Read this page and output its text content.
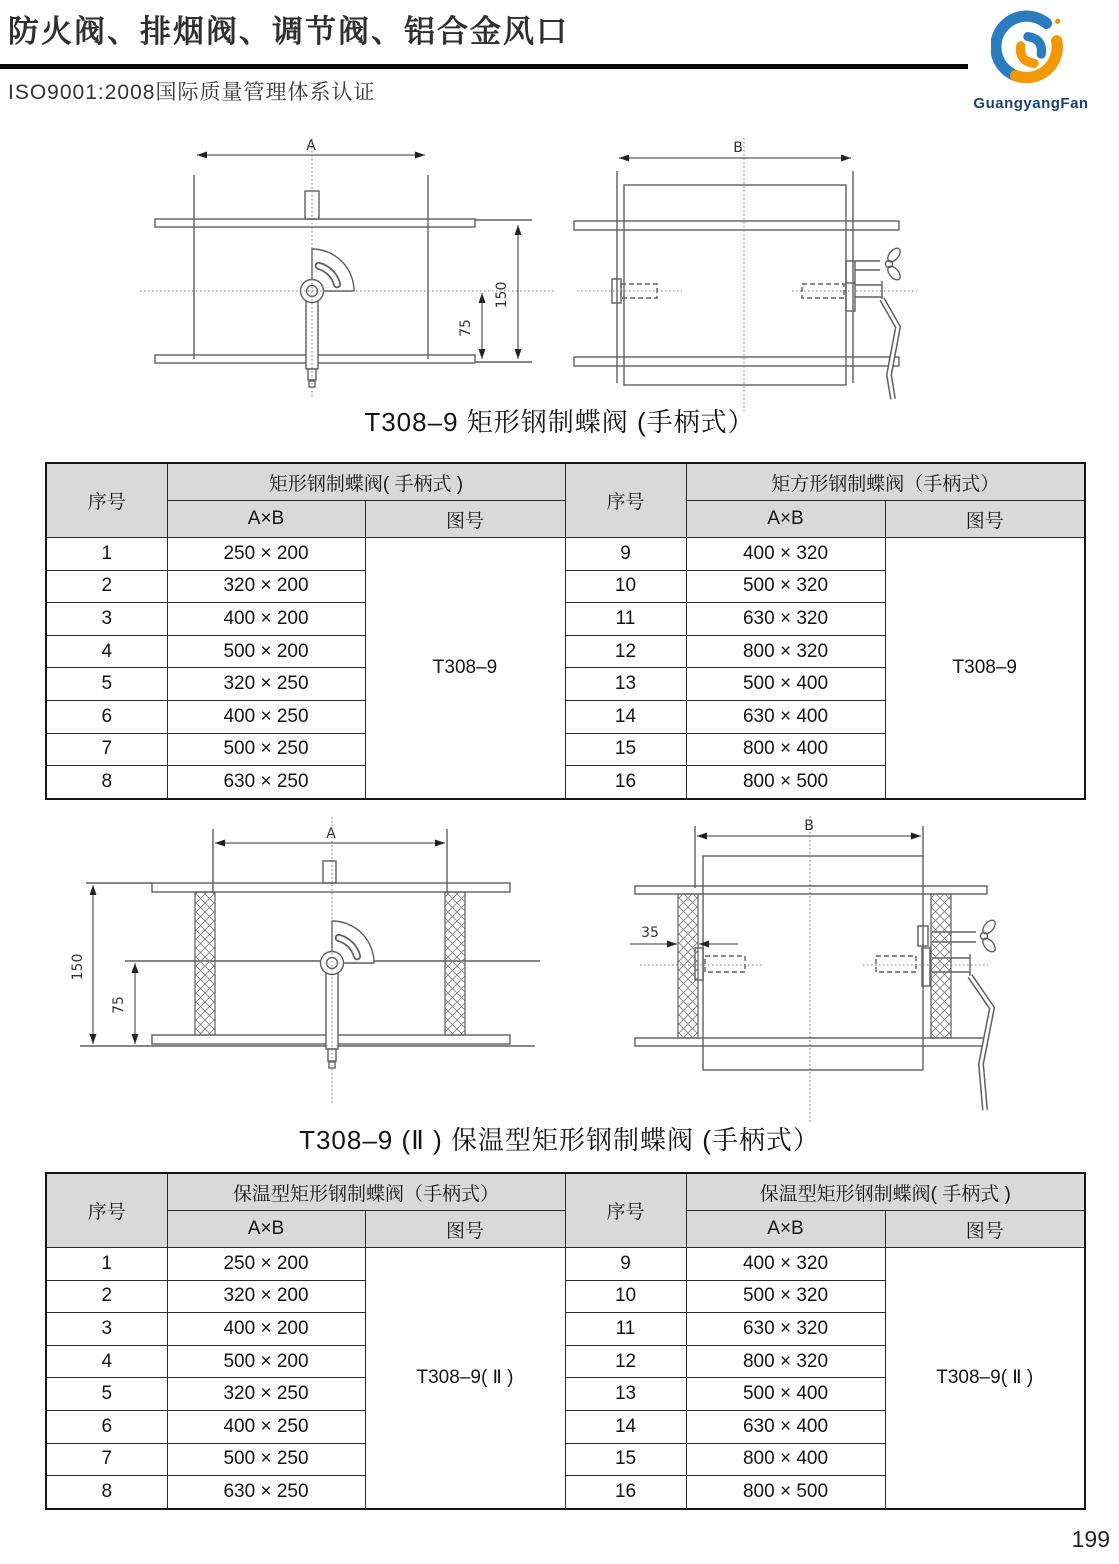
防火阀、排烟阀、调节阀、铝合金风口
ISO9001:2008国际质量管理体系认证	GuangyangFan
A
150
75
B
T308–9 矩形钢制蝶阀 (手柄式）
序号	矩形钢制蝶阀( 手柄式 )		序号	矩方形钢制蝶阀（手柄式）	
	A×B	图号		A×B	图号
1	250 × 200	T308–9	9	400 × 320	T308–9
2	320 × 200		10	500 × 320	
3	400 × 200		11	630 × 320	
4	500 × 200		12	800 × 320	
5	320 × 250		13	500 × 400	
6	400 × 250		14	630 × 400	
7	500 × 250		15	800 × 400	
8	630 × 250		16	800 × 500	
A
150
75
B
35
T308–9 (Ⅱ ) 保温型矩形钢制蝶阀 (手柄式）
序号	保温型矩形钢制蝶阀（手柄式）		序号	保温型矩形钢制蝶阀( 手柄式 )	
	A×B	图号		A×B	图号
1	250 × 200	T308–9( Ⅱ )	9	400 × 320	T308–9( Ⅱ )
2	320 × 200		10	500 × 320	
3	400 × 200		11	630 × 320	
4	500 × 200		12	800 × 320	
5	320 × 250		13	500 × 400	
6	400 × 250		14	630 × 400	
7	500 × 250		15	800 × 400	
8	630 × 250		16	800 × 500	
199
